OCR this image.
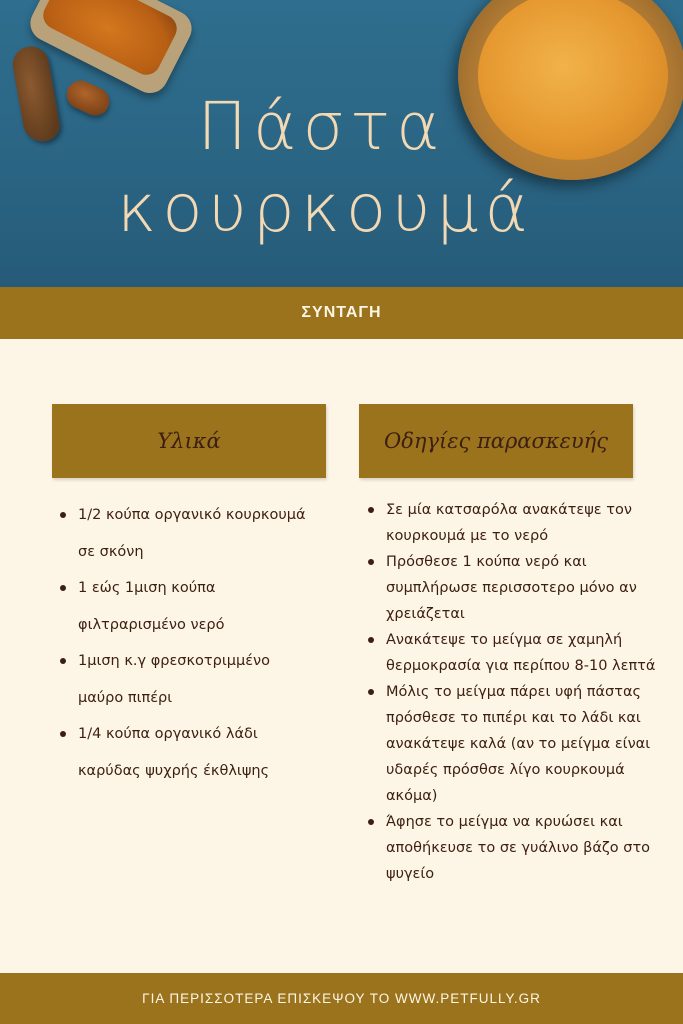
Πάστα
κουρκουμά
ΣΥΝΤΑΓΗ
Υλικά	Οδηγίες παρασκευής
1/2 κούπα οργανικό κουρκουμά σε σκόνη
1 εώς 1μιση κούπα φιλτραρισμένο νερό
1μιση κ.γ φρεσκοτριμμένο μαύρο πιπέρι
1/4 κούπα οργανικό λάδι καρύδας ψυχρής έκθλιψης
Σε μία κατσαρόλα ανακάτεψε τον κουρκουμά με το νερό
Πρόσθεσε 1 κούπα νερό και συμπλήρωσε περισσοτερο μόνο αν χρειάζεται
Ανακάτεψε το μείγμα σε χαμηλή θερμοκρασία για περίπου 8-10 λεπτά
Μόλις το μείγμα πάρει υφή πάστας πρόσθεσε το πιπέρι και το λάδι και ανακάτεψε καλά (αν το μείγμα είναι υδαρές πρόσθσε λίγο κουρκουμά ακόμα)
Άφησε το μείγμα να κρυώσει και αποθήκευσε το σε γυάλινο βάζο στο ψυγείο
ΓΙΑ ΠΕΡΙΣΣΟΤΕΡΑ ΕΠΙΣΚΕΨΟΥ ΤΟ WWW.PETFULLY.GR
